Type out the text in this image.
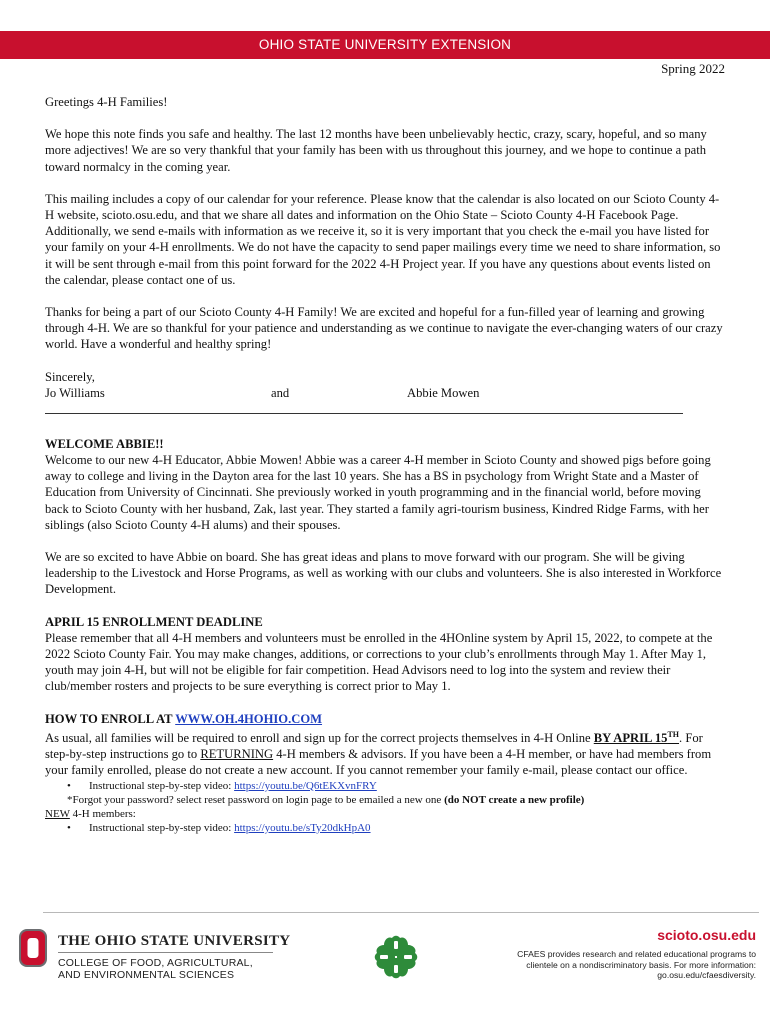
OHIO STATE UNIVERSITY EXTENSION
Spring 2022

Greetings 4-H Families!

We hope this note finds you safe and healthy. The last 12 months have been unbelievably hectic, crazy, scary, hopeful, and so many more adjectives! We are so very thankful that your family has been with us throughout this journey, and we hope to continue a path toward normalcy in the coming year.

This mailing includes a copy of our calendar for your reference. Please know that the calendar is also located on our Scioto County 4-H website, scioto.osu.edu, and that we share all dates and information on the Ohio State – Scioto County 4-H Facebook Page. Additionally, we send e-mails with information as we receive it, so it is very important that you check the e-mail you have listed for your family on your 4-H enrollments. We do not have the capacity to send paper mailings every time we need to share information, so it will be sent through e-mail from this point forward for the 2022 4-H Project year. If you have any questions about events listed on the calendar, please contact one of us.

Thanks for being a part of our Scioto County 4-H Family! We are excited and hopeful for a fun-filled year of learning and growing through 4-H. We are so thankful for your patience and understanding as we continue to navigate the ever-changing waters of our crazy world. Have a wonderful and healthy spring!

Sincerely,
Jo Williams	and	Abbie Mowen
WELCOME ABBIE!!

Welcome to our new 4-H Educator, Abbie Mowen! Abbie was a career 4-H member in Scioto County and showed pigs before going away to college and living in the Dayton area for the last 10 years. She has a BS in psychology from Wright State and a Master of Education from University of Cincinnati. She previously worked in youth programming and in the financial world, before moving back to Scioto County with her husband, Zak, last year. They started a family agri-tourism business, Kindred Ridge Farms, with her siblings (also Scioto County 4-H alums) and their spouses.

We are so excited to have Abbie on board. She has great ideas and plans to move forward with our program. She will be giving leadership to the Livestock and Horse Programs, as well as working with our clubs and volunteers. She is also interested in Workforce Development.

APRIL 15 ENROLLMENT DEADLINE

Please remember that all 4-H members and volunteers must be enrolled in the 4HOnline system by April 15, 2022, to compete at the 2022 Scioto County Fair. You may make changes, additions, or corrections to your club’s enrollments through May 1. After May 1, youth may join 4-H, but will not be eligible for fair competition. Head Advisors need to log into the system and review their club/member rosters and projects to be sure everything is correct prior to May 1.

HOW TO ENROLL AT WWW.OH.4HOHIO.COM

As usual, all families will be required to enroll and sign up for the correct projects themselves in 4-H Online BY APRIL 15TH. For step-by-step instructions go to RETURNING 4-H members & advisors. If you have been a 4-H member, or have had members from your family enrolled, please do not create a new account. If you cannot remember your family e-mail, please contact our office.

• Instructional step-by-step video: https://youtu.be/Q6tEKXvnFRY
*Forgot your password? select reset password on login page to be emailed a new one (do NOT create a new profile)
NEW 4-H members:
• Instructional step-by-step video: https://youtu.be/sTy20dkHpA0
THE OHIO STATE UNIVERSITY
COLLEGE OF FOOD, AGRICULTURAL,
AND ENVIRONMENTAL SCIENCES
scioto.osu.edu
CFAES provides research and related educational programs to clientele on a nondiscriminatory basis. For more information: go.osu.edu/cfaesdiversity.
